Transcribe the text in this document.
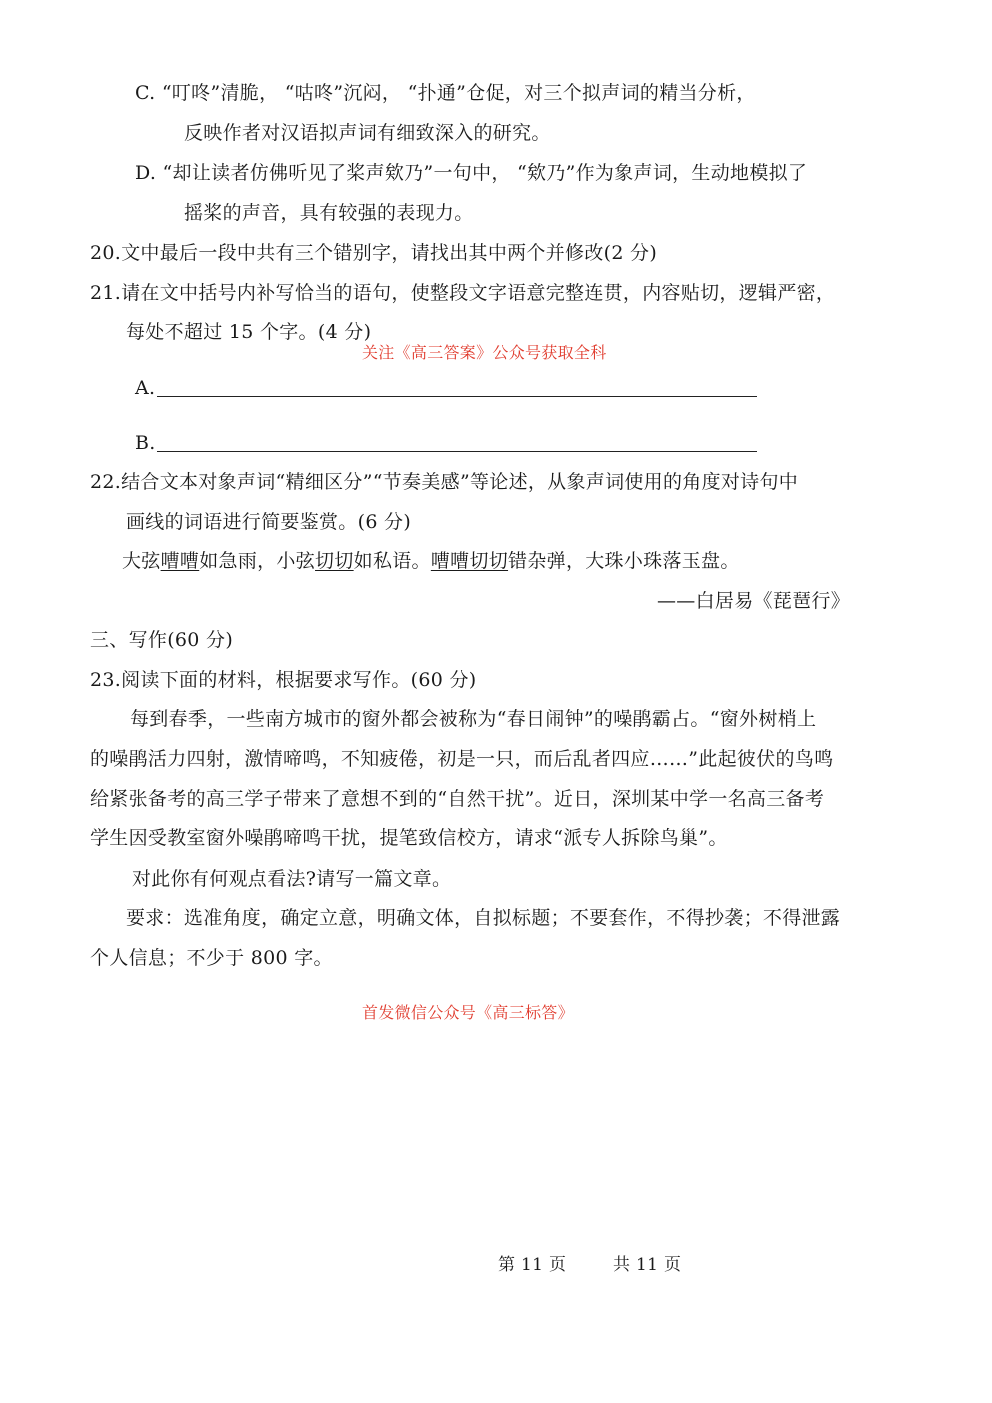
C. “叮咚”清脆， “咕咚”沉闷， “扑通”仓促，对三个拟声词的精当分析，
反映作者对汉语拟声词有细致深入的研究。
D. “却让读者仿佛听见了桨声欸乃”一句中， “欸乃”作为象声词，生动地模拟了
摇桨的声音，具有较强的表现力。
20.文中最后一段中共有三个错别字，请找出其中两个并修改(2 分)
21.请在文中括号内补写恰当的语句，使整段文字语意完整连贯，内容贴切，逻辑严密，
每处不超过 15 个字。(4 分)
关注《高三答案》公众号获取全科
A.
B.
22.结合文本对象声词“精细区分”“节奏美感”等论述，从象声词使用的角度对诗句中
画线的词语进行简要鉴赏。(6 分)
大弦嘈嘈如急雨，小弦切切如私语。嘈嘈切切错杂弹，大珠小珠落玉盘。
——白居易《琵琶行》
三、写作(60 分)
23.阅读下面的材料，根据要求写作。(60 分)
每到春季，一些南方城市的窗外都会被称为“春日闹钟”的噪鹃霸占。“窗外树梢上
的噪鹃活力四射，激情啼鸣，不知疲倦，初是一只，而后乱者四应……”此起彼伏的鸟鸣
给紧张备考的高三学子带来了意想不到的“自然干扰”。近日，深圳某中学一名高三备考
学生因受教室窗外噪鹃啼鸣干扰，提笔致信校方，请求“派专人拆除鸟巢”。
对此你有何观点看法?请写一篇文章。
要求：选准角度，确定立意，明确文体，自拟标题；不要套作，不得抄袭；不得泄露
个人信息；不少于 800 字。
首发微信公众号《高三标答》
第 11 页	共 11 页
